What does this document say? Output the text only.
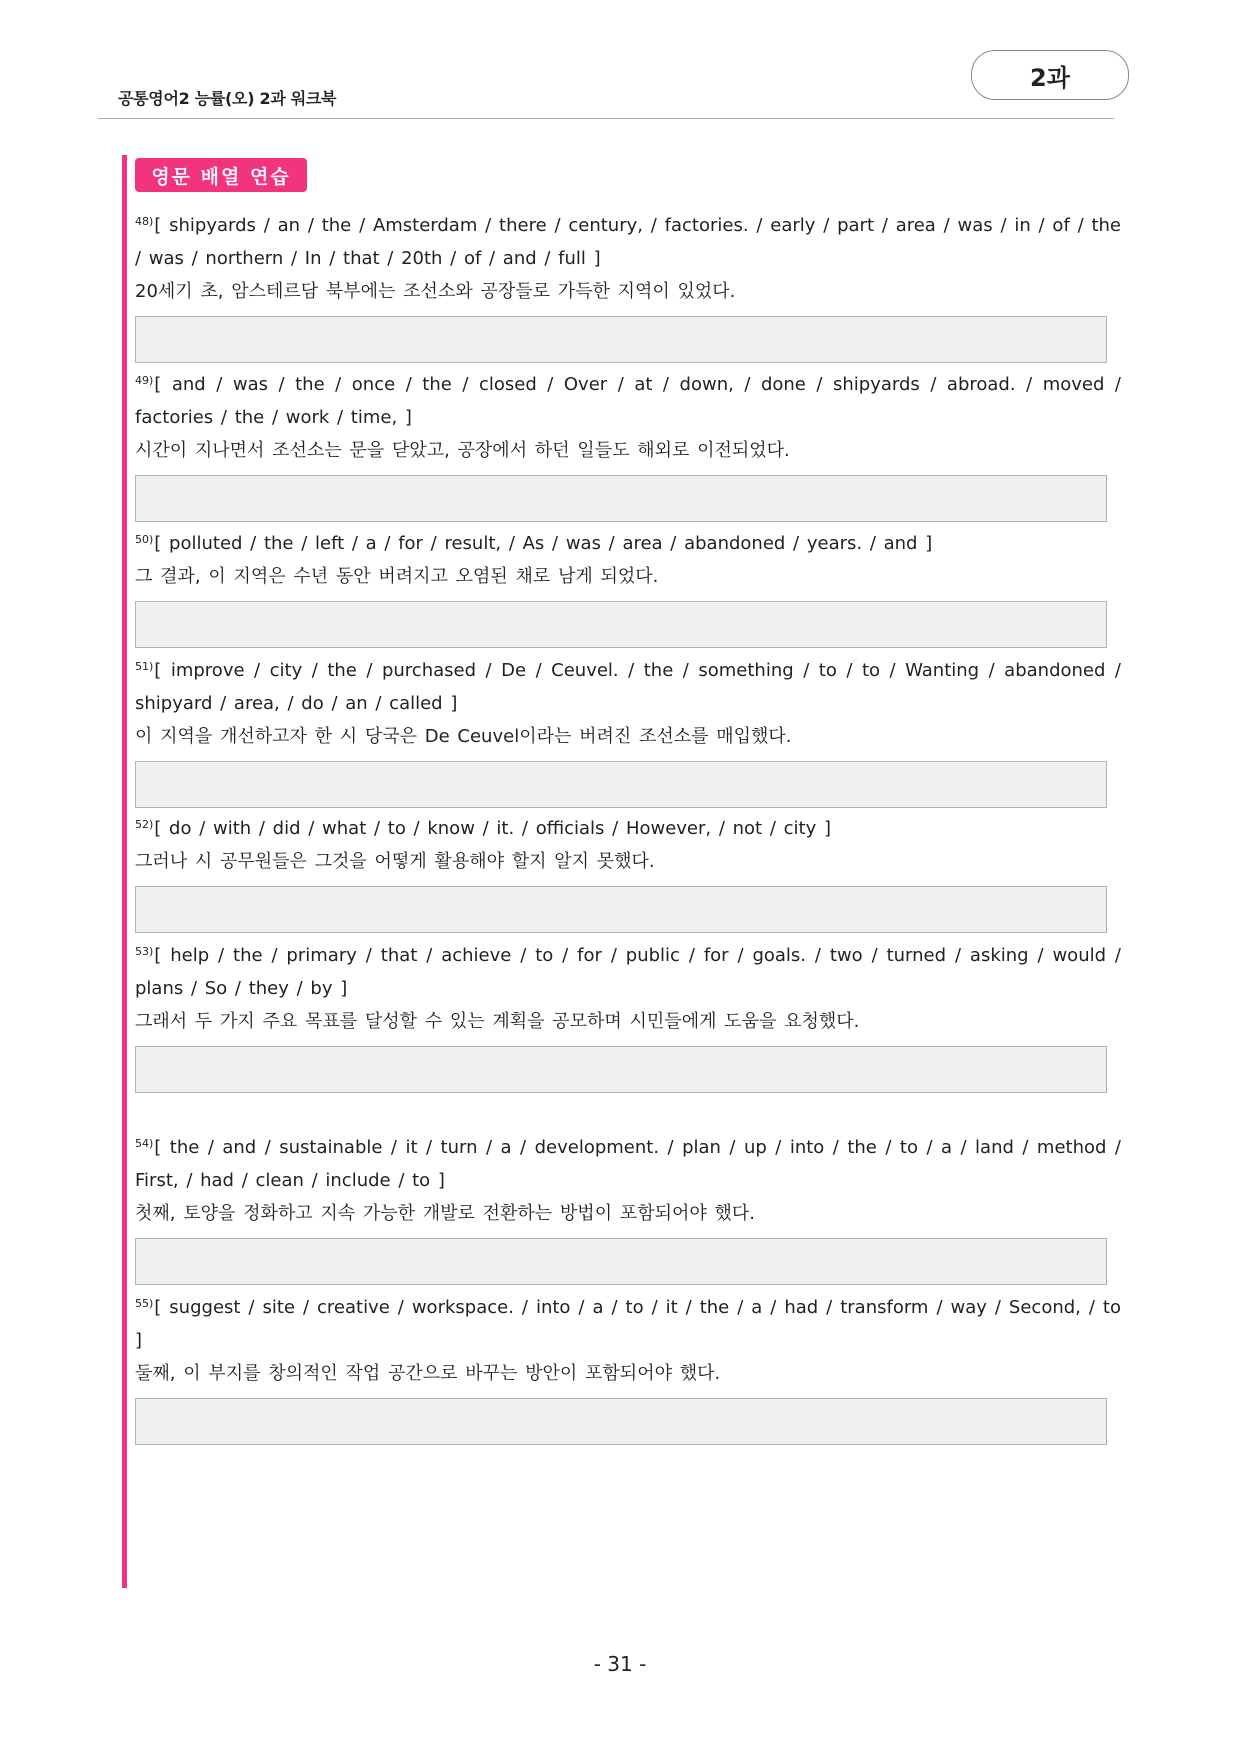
공통영어2 능률(오) 2과 워크북
2과
영문 배열 연습
$^{48)}$[ shipyards / an / the / Amsterdam / there / century, / factories. / early / part / area / was / in / of / the / was / northern / In / that / 20th / of / and / full ]
20세기 초, 암스테르담 북부에는 조선소와 공장들로 가득한 지역이 있었다.
$^{49)}$[ and / was / the / once / the / closed / Over / at / down, / done / shipyards / abroad. / moved / factories / the / work / time, ]
시간이 지나면서 조선소는 문을 닫았고, 공장에서 하던 일들도 해외로 이전되었다.
$^{50)}$[ polluted / the / left / a / for / result, / As / was / area / abandoned / years. / and ]
그 결과, 이 지역은 수년 동안 버려지고 오염된 채로 남게 되었다.
$^{51)}$[ improve / city / the / purchased / De / Ceuvel. / the / something / to / to / Wanting / abandoned / shipyard / area, / do / an / called ]
이 지역을 개선하고자 한 시 당국은 De Ceuvel이라는 버려진 조선소를 매입했다.
$^{52)}$[ do / with / did / what / to / know / it. / officials / However, / not / city ]
그러나 시 공무원들은 그것을 어떻게 활용해야 할지 알지 못했다.
$^{53)}$[ help / the / primary / that / achieve / to / for / public / for / goals. / two / turned / asking / would / plans / So / they / by ]
그래서 두 가지 주요 목표를 달성할 수 있는 계획을 공모하며 시민들에게 도움을 요청했다.
$^{54)}$[ the / and / sustainable / it / turn / a / development. / plan / up / into / the / to / a / land / method / First, / had / clean / include / to ]
첫째, 토양을 정화하고 지속 가능한 개발로 전환하는 방법이 포함되어야 했다.
$^{55)}$[ suggest / site / creative / workspace. / into / a / to / it / the / a / had / transform / way / Second, / to ]
둘째, 이 부지를 창의적인 작업 공간으로 바꾸는 방안이 포함되어야 했다.
- 31 -
